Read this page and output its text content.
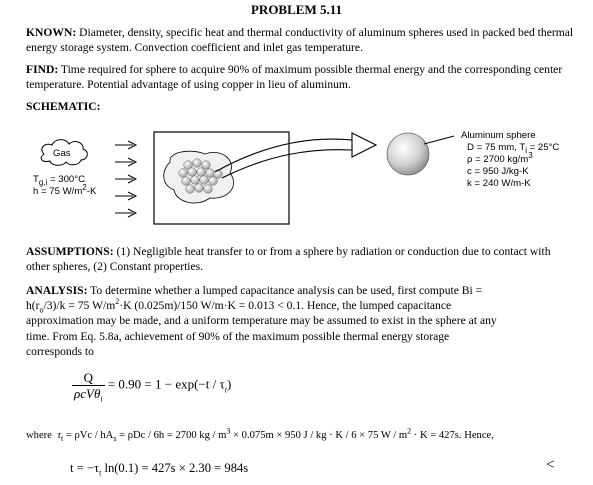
PROBLEM 5.11
KNOWN: Diameter, density, specific heat and thermal conductivity of aluminum spheres used in packed bed thermal energy storage system. Convection coefficient and inlet gas temperature.
FIND: Time required for sphere to acquire 90% of maximum possible thermal energy and the corresponding center temperature. Potential advantage of using copper in lieu of aluminum.
SCHEMATIC:
Gas
$T_{g,i} = 300^\circ C$
h = 75 $W/m^2-K$
Aluminum sphere
D = 75 mm, $T_i = 25^\circ C$
ρ = 2700 $kg/m^3$
c = 950 J/kg-K
k = 240 W/m-K
ASSUMPTIONS: (1) Negligible heat transfer to or from a sphere by radiation or conduction due to contact with other spheres, (2) Constant properties.
ANALYSIS: To determine whether a lumped capacitance analysis can be used, first compute Bi =
$h(r_o/3)/k = 75$ $W/m^2\cdot K$ (0.025m)/150 W/m·K = 0.013 < 0.1. Hence, the lumped capacitance
approximation may be made, and a uniform temperature may be assumed to exist in the sphere at any
time. From Eq. 5.8a, achievement of 90% of the maximum possible thermal energy storage
corresponds to
$\frac{Q}{\rho cV\theta_i} = 0.90 = 1 - \exp(-t / \tau_t)$
where $\tau_t = \rho Vc / hA_s = \rho Dc / 6h = 2700$ kg / $m^3 \times 0.075m \times 950$ J / kg · K / 6 × 75 $W / m^2 \cdot K = 427s$. Hence,
$t = -\tau_t$ ln(0.1) = 427s × 2.30 = 984s	<
